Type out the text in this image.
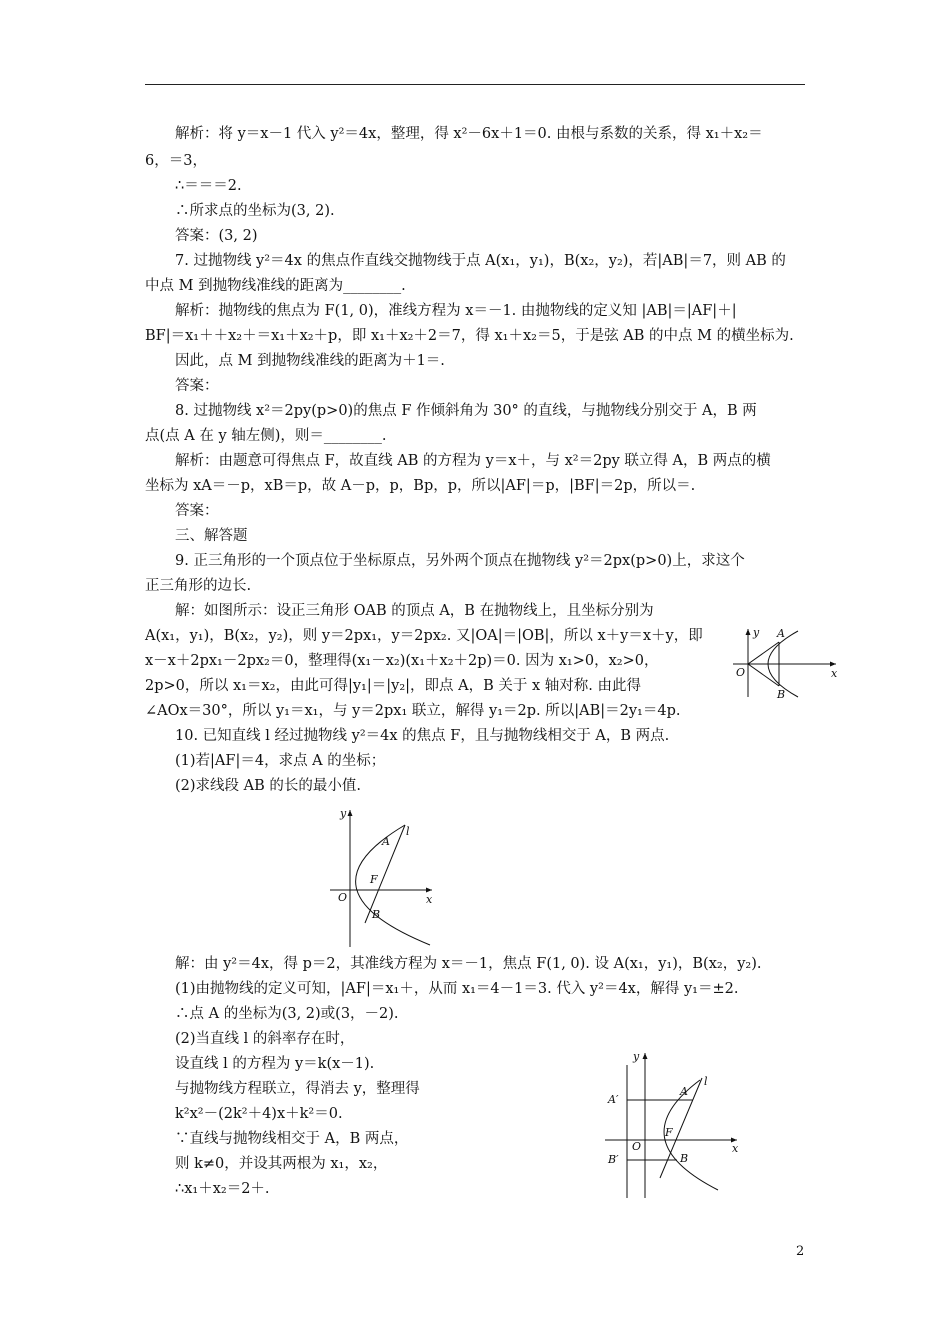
解析：将 y＝x－1 代入 y²＝4x，整理，得 x²－6x＋1＝0. 由根与系数的关系，得 x₁＋x₂＝
6，＝3，
∴＝＝＝2.
∴所求点的坐标为(3, 2).
答案：(3, 2)
7. 过抛物线 y²＝4x 的焦点作直线交抛物线于点 A(x₁，y₁)，B(x₂，y₂)，若|AB|＝7，则 AB 的
中点 M 到抛物线准线的距离为________.
解析：抛物线的焦点为 F(1, 0)，准线方程为 x＝－1. 由抛物线的定义知 |AB|＝|AF|＋|
BF|＝x₁＋＋x₂＋＝x₁＋x₂＋p，即 x₁＋x₂＋2＝7，得 x₁＋x₂＝5，于是弦 AB 的中点 M 的横坐标为.
因此，点 M 到抛物线准线的距离为＋1＝.
答案：
8. 过抛物线 x²＝2py(p>0)的焦点 F 作倾斜角为 30° 的直线，与抛物线分别交于 A，B 两
点(点 A 在 y 轴左侧)，则＝________.
解析：由题意可得焦点 F，故直线 AB 的方程为 y＝x＋，与 x²＝2py 联立得 A，B 两点的横
坐标为 xA＝－p，xB＝p，故 A－p，p，Bp，p，所以|AF|＝p，|BF|＝2p，所以＝.
答案：
三、解答题
9. 正三角形的一个顶点位于坐标原点，另外两个顶点在抛物线 y²＝2px(p>0)上，求这个
正三角形的边长.
解：如图所示：设正三角形 OAB 的顶点 A，B 在抛物线上，且坐标分别为
A(x₁，y₁)，B(x₂，y₂)，则 y＝2px₁，y＝2px₂. 又|OA|＝|OB|，所以 x＋y＝x＋y，即
x－x＋2px₁－2px₂＝0，整理得(x₁－x₂)(x₁＋x₂＋2p)＝0. 因为 x₁>0，x₂>0，
2p>0，所以 x₁＝x₂，由此可得|y₁|＝|y₂|，即点 A，B 关于 x 轴对称. 由此得
∠AOx＝30°，所以 y₁＝x₁，与 y＝2px₁ 联立，解得 y₁＝2p. 所以|AB|＝2y₁＝4p.
10. 已知直线 l 经过抛物线 y²＝4x 的焦点 F，且与抛物线相交于 A，B 两点.
(1)若|AF|＝4，求点 A 的坐标；
(2)求线段 AB 的长的最小值.
解：由 y²＝4x，得 p＝2，其准线方程为 x＝－1，焦点 F(1, 0). 设 A(x₁，y₁)，B(x₂，y₂).
(1)由抛物线的定义可知，|AF|＝x₁＋，从而 x₁＝4－1＝3. 代入 y²＝4x，解得 y₁＝±2.
∴点 A 的坐标为(3, 2)或(3，－2).
(2)当直线 l 的斜率存在时，
设直线 l 的方程为 y＝k(x－1).
与抛物线方程联立，得消去 y，整理得
k²x²－(2k²＋4)x＋k²＝0.
∵直线与抛物线相交于 A，B 两点，
则 k≠0，并设其两根为 x₁，x₂，
∴x₁＋x₂＝2＋.
y
x
O
A
B
y
x
O
A
F
B
l
y
x
O
A
F
B
l
A′
B′
2
